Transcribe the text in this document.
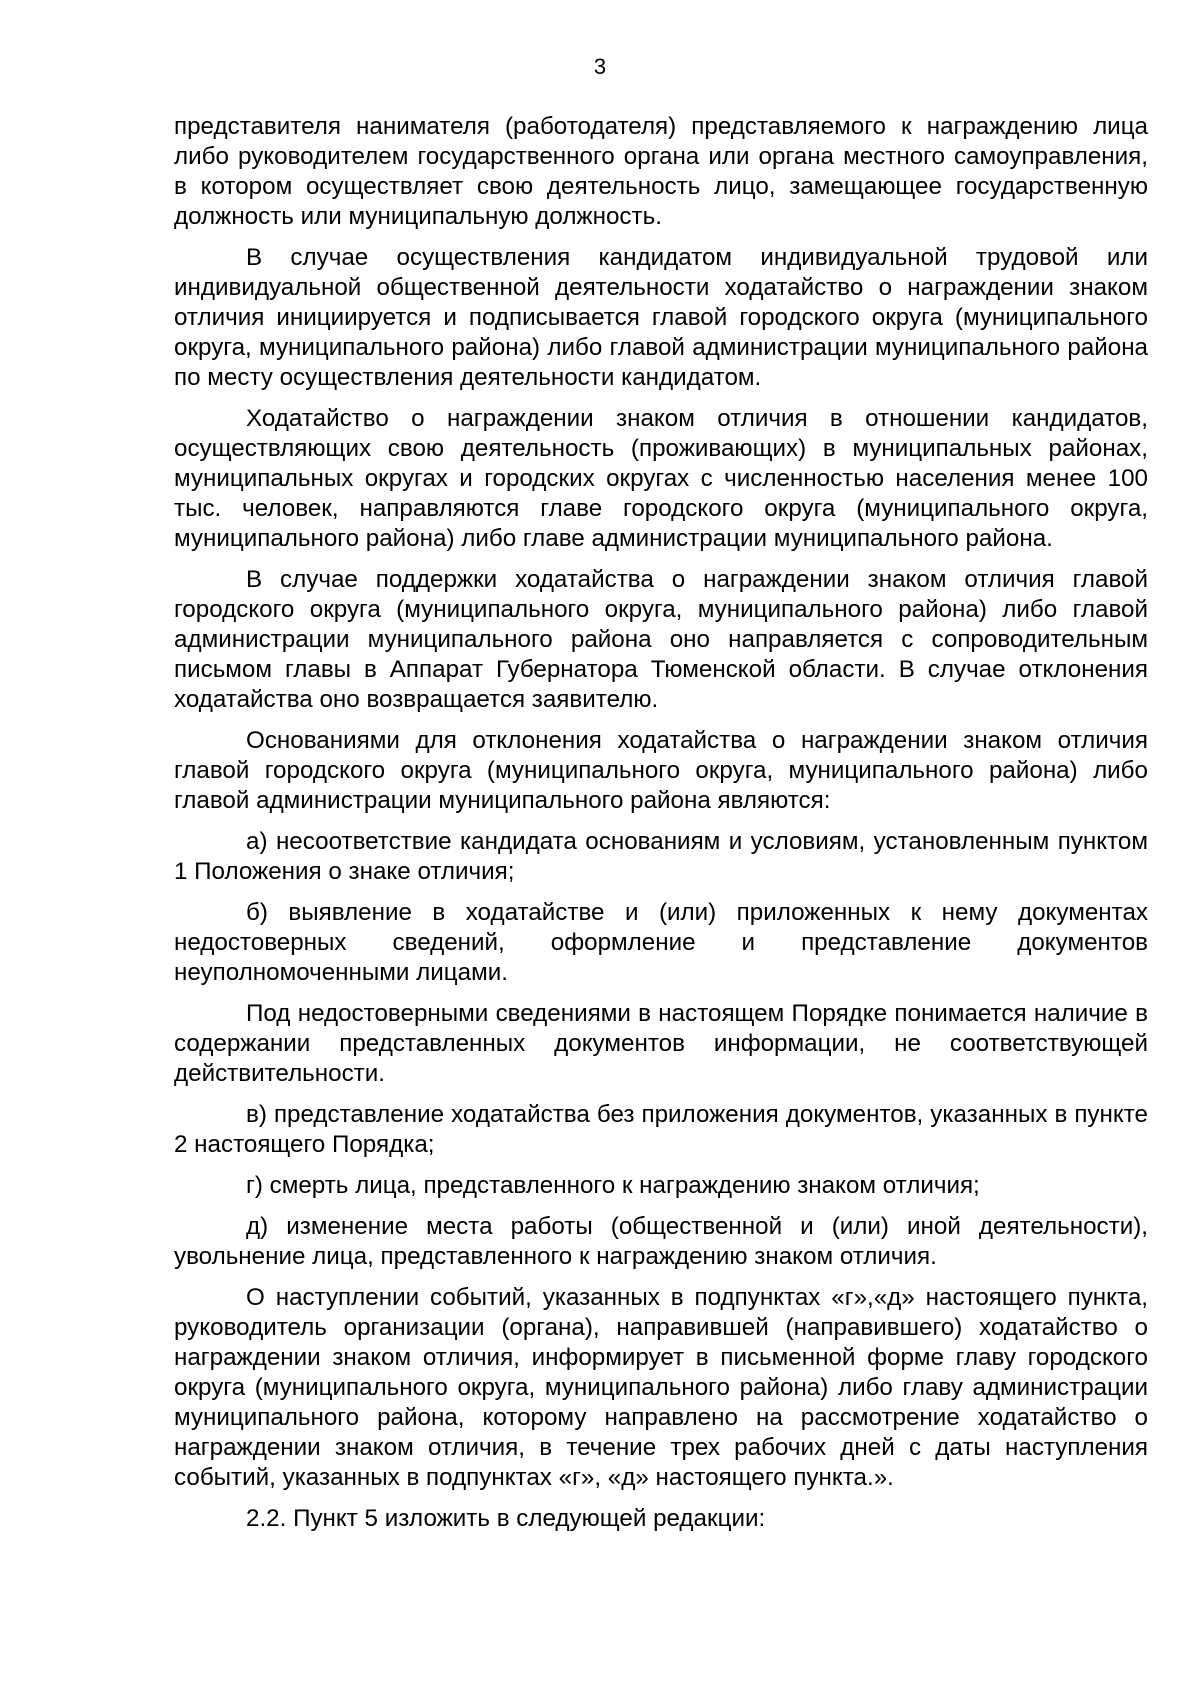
3

представителя нанимателя (работодателя) представляемого к награждению лица либо руководителем государственного органа или органа местного самоуправления, в котором осуществляет свою деятельность лицо, замещающее государственную должность или муниципальную должность.

В случае осуществления кандидатом индивидуальной трудовой или индивидуальной общественной деятельности ходатайство о награждении знаком отличия инициируется и подписывается главой городского округа (муниципального округа, муниципального района) либо главой администрации муниципального района по месту осуществления деятельности кандидатом.

Ходатайство о награждении знаком отличия в отношении кандидатов, осуществляющих свою деятельность (проживающих) в муниципальных районах, муниципальных округах и городских округах с численностью населения менее 100 тыс. человек, направляются главе городского округа (муниципального округа, муниципального района) либо главе администрации муниципального района.

В случае поддержки ходатайства о награждении знаком отличия главой городского округа (муниципального округа, муниципального района) либо главой администрации муниципального района оно направляется с сопроводительным письмом главы в Аппарат Губернатора Тюменской области. В случае отклонения ходатайства оно возвращается заявителю.

Основаниями для отклонения ходатайства о награждении знаком отличия главой городского округа (муниципального округа, муниципального района) либо главой администрации муниципального района являются:

а) несоответствие кандидата основаниям и условиям, установленным пунктом 1 Положения о знаке отличия;

б) выявление в ходатайстве и (или) приложенных к нему документах недостоверных сведений, оформление и представление документов неуполномоченными лицами.

Под недостоверными сведениями в настоящем Порядке понимается наличие в содержании представленных документов информации, не соответствующей действительности.

в) представление ходатайства без приложения документов, указанных в пункте 2 настоящего Порядка;

г) смерть лица, представленного к награждению знаком отличия;

д) изменение места работы (общественной и (или) иной деятельности), увольнение лица, представленного к награждению знаком отличия.

О наступлении событий, указанных в подпунктах «г»,«д» настоящего пункта, руководитель организации (органа), направившей (направившего) ходатайство о награждении знаком отличия, информирует в письменной форме главу городского округа (муниципального округа, муниципального района) либо главу администрации муниципального района, которому направлено на рассмотрение ходатайство о награждении знаком отличия, в течение трех рабочих дней с даты наступления событий, указанных в подпунктах «г», «д» настоящего пункта.».

2.2. Пункт 5 изложить в следующей редакции:
